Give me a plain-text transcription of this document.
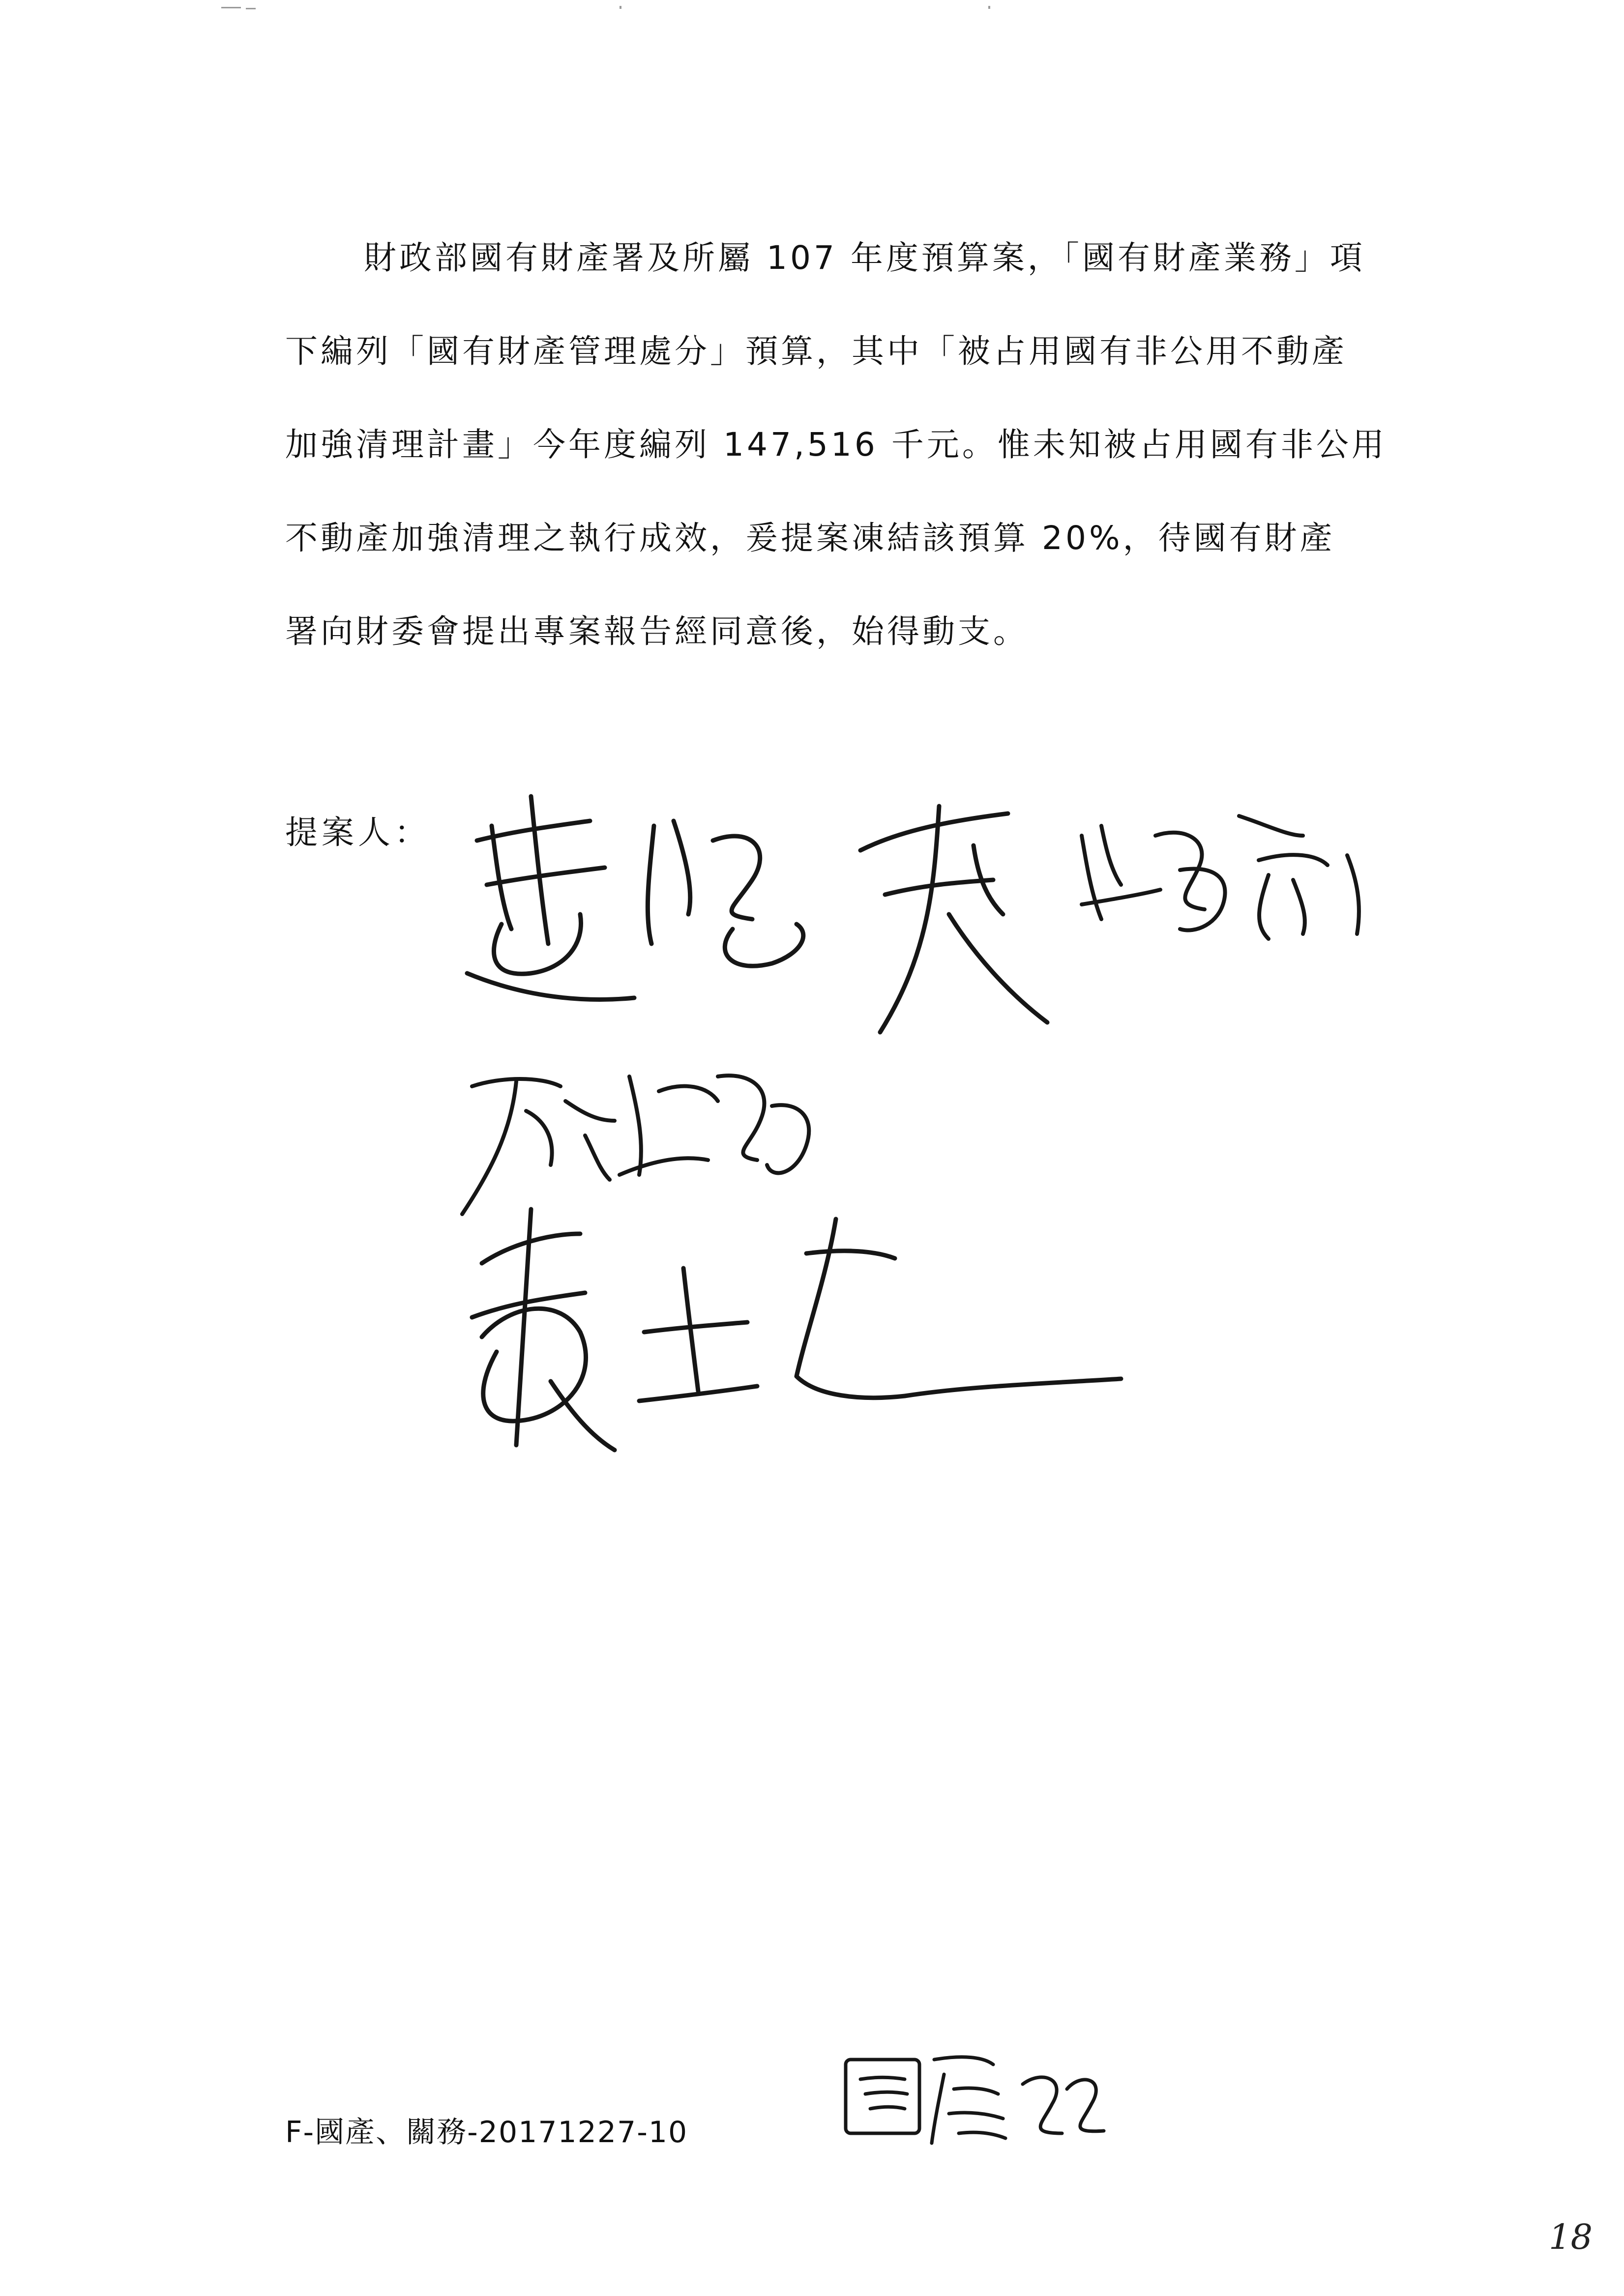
財政部國有財產署及所屬 107 年度預算案，「國有財產業務」項

下編列「國有財產管理處分」預算，其中「被占用國有非公用不動產

加強清理計畫」今年度編列 147,516 千元。惟未知被占用國有非公用

不動產加強清理之執行成效，爰提案凍結該預算 20%，待國有財產

署向財委會提出專案報告經同意後，始得動支。

提案人：
F-國產、關務-20171227-10
18
